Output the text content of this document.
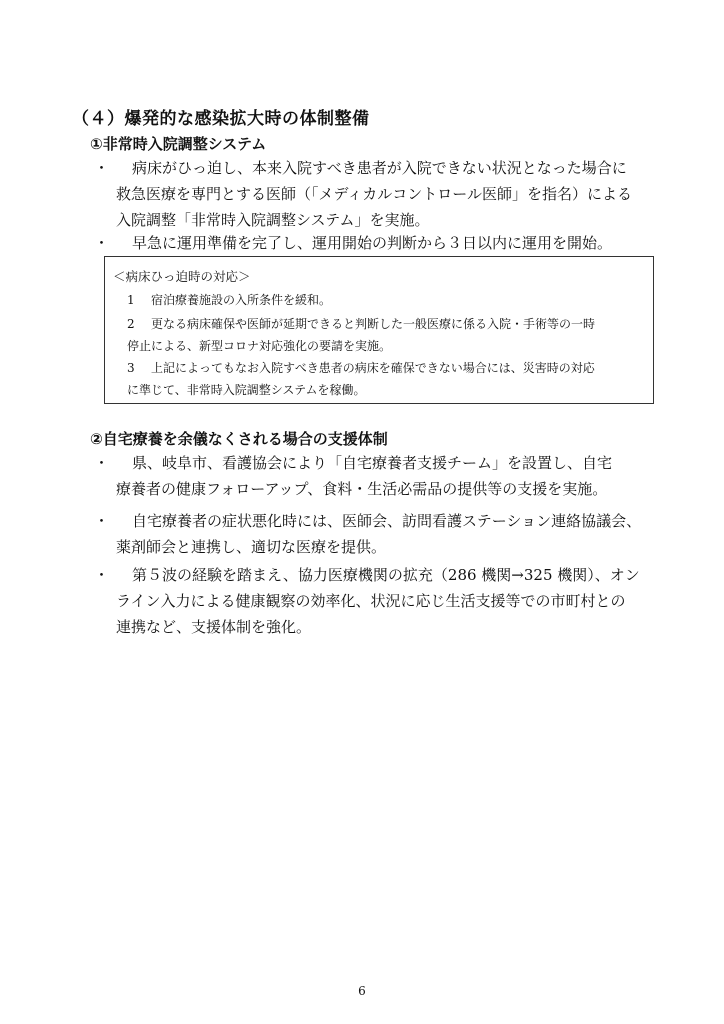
（４）爆発的な感染拡大時の体制整備
①非常時入院調整システム
・	病床がひっ迫し、本来入院すべき患者が入院できない状況となった場合に
救急医療を専門とする医師（「メディカルコントロール医師」を指名）による
入院調整「非常時入院調整システム」を実施。
・	早急に運用準備を完了し、運用開始の判断から３日以内に運用を開始。
＜病床ひっ迫時の対応＞
1 宿泊療養施設の入所条件を緩和。
2	更なる病床確保や医師が延期できると判断した一般医療に係る入院・手術等の一時
停止による、新型コロナ対応強化の要請を実施。
3	上記によってもなお入院すべき患者の病床を確保できない場合には、災害時の対応
に準じて、非常時入院調整システムを稼働。
②自宅療養を余儀なくされる場合の支援体制
・	県、岐阜市、看護協会により「自宅療養者支援チーム」を設置し、自宅
療養者の健康フォローアップ、食料・生活必需品の提供等の支援を実施。
・	自宅療養者の症状悪化時には、医師会、訪問看護ステーション連絡協議会、
薬剤師会と連携し、適切な医療を提供。
・	第５波の経験を踏まえ、協力医療機関の拡充（286 機関→325 機関）、オン
ライン入力による健康観察の効率化、状況に応じ生活支援等での市町村との
連携など、支援体制を強化。
6
